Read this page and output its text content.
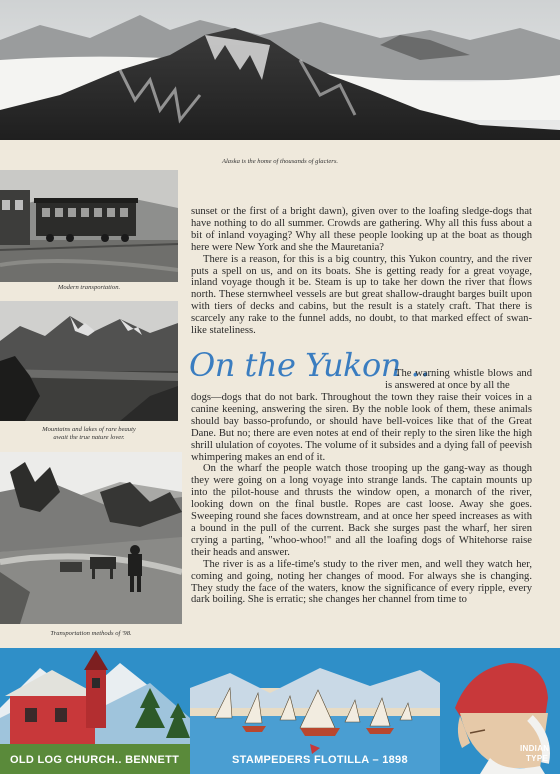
Alaska is the home of thousands of glaciers.
Modern transportation.
Mountains and lakes of rare beauty
await the true nature lover.
Transportation methods of '98.

sunset or the first of a bright dawn), given over to the loafing sledge-dogs that have nothing to do all summer. Crowds are gathering. Why all this fuss about a bit of inland voyaging? Why all these people looking up at the boat as though here were New York and she the Mauretania?

There is a reason, for this is a big country, this Yukon country, and the river puts a spell on us, and on its boats. She is getting ready for a great voyage, inland voyage though it be. Steam is up to take her down the river that flows north. These sternwheel vessels are but great shallow-draught barges built upon with tiers of decks and cabins, but the result is a stately craft. That there is scarcely any rake to the funnel adds, no doubt, to that marked effect of swan-like stateliness.

On the Yukon ..
The warning whistle blows and is answered at once by all the

dogs—dogs that do not bark. Throughout the town they raise their voices in a canine keening, answering the siren. By the noble look of them, these animals should bay basso-profundo, or should have bell-voices like that of the Great Dane. But no; there are even notes at end of their reply to the siren like the high shrill ululation of coyotes. The volume of it subsides and a dying fall of peevish whimpering makes an end of it.

On the wharf the people watch those trooping up the gang-way as though they were going on a long voyage into strange lands. The captain mounts up into the pilot-house and thrusts the window open, a monarch of the river, looking down on the final bustle. Ropes are cast loose. Away she goes. Sweeping round she faces downstream, and at once her speed increases as with a bound in the pull of the current. Back she surges past the wharf, her siren crying a parting, "whoo-whoo!" and all the loafing dogs of Whitehorse raise their heads and answer.

The river is as a life-time's study to the river men, and well they watch her, coming and going, noting her changes of mood. For always she is changing. They study the face of the waters, know the significance of every ripple, every dark boiling. She is erratic; she changes her channel from time to

OLD LOG CHURCH.. BENNETT	STAMPEDERS FLOTILLA – 1898
INDIAN
TYPE
